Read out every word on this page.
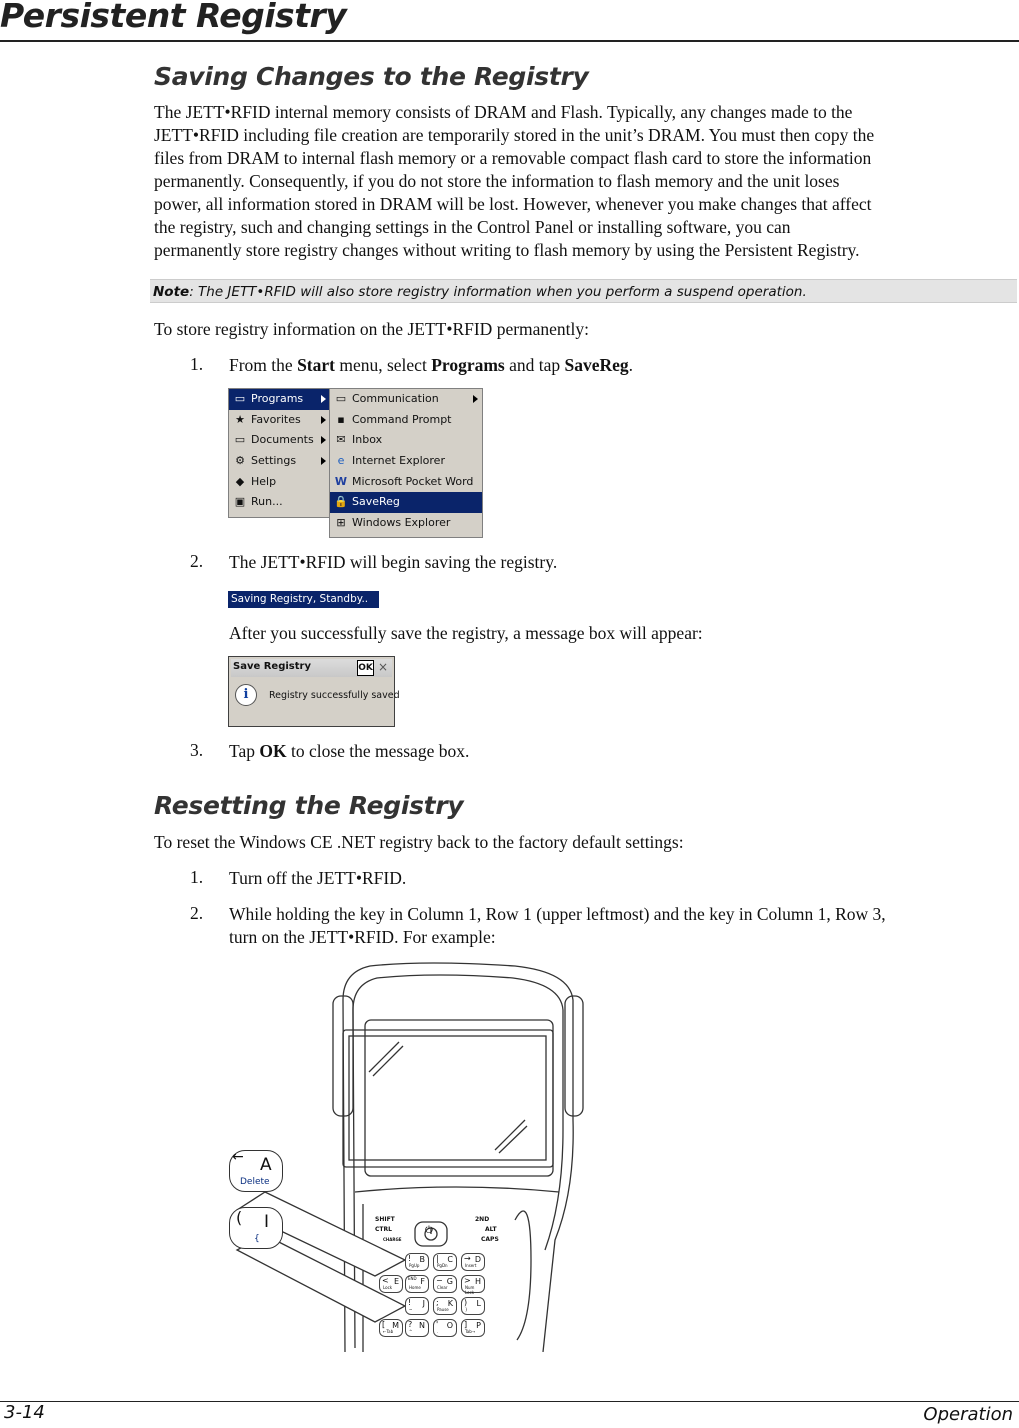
Persistent Registry
Saving Changes to the Registry
The JETT•RFID internal memory consists of DRAM and Flash. Typically, any changes made to the
JETT•RFID including file creation are temporarily stored in the unit’s DRAM. You must then copy the
files from DRAM to internal flash memory or a removable compact flash card to store the information
permanently. Consequently, if you do not store the information to flash memory and the unit loses
power, all information stored in DRAM will be lost. However, whenever you make changes that affect
the registry, such and changing settings in the Control Panel or installing software, you can
permanently store registry changes without writing to flash memory by using the Persistent Registry.
Note: The JETT•RFID will also store registry information when you perform a suspend operation.
To store registry information on the JETT•RFID permanently:
1. From the Start menu, select Programs and tap SaveReg.
▭ Programs
★ Favorites
▭ Documents
⚙ Settings
◆ Help
▣ Run...
▭ Communication
▪ Command Prompt
✉ Inbox
e Internet Explorer
W Microsoft Pocket Word
🔒 SaveReg
⊞ Windows Explorer
2. The JETT•RFID will begin saving the registry.
Saving Registry, Standby..
After you successfully save the registry, a message box will appear:
Save Registry	OK ×
i	Registry successfully saved
3. Tap OK to close the message box.
Resetting the Registry
To reset the Windows CE .NET registry back to the factory default settings:
1. Turn off the JETT•RFID.
2. While holding the key in Column 1, Row 1 (upper leftmost) and the key in Column 1, Row 3,
turn on the JETT•RFID. For example:
← A
Delete
( I
{
SHIFT
CTRL
CHARGE
2ND
ALT
CAPS
⏻
! B
PgUp
| C
PgDn
→ D
Insert
< E
Lock
END F
Home
− G
Clear
> H
Num Lock
! J
~
; K
Pause
) L
}
[ M
←Tab
? N
^
' O
.
] P
Tab→
3-14	Operation
